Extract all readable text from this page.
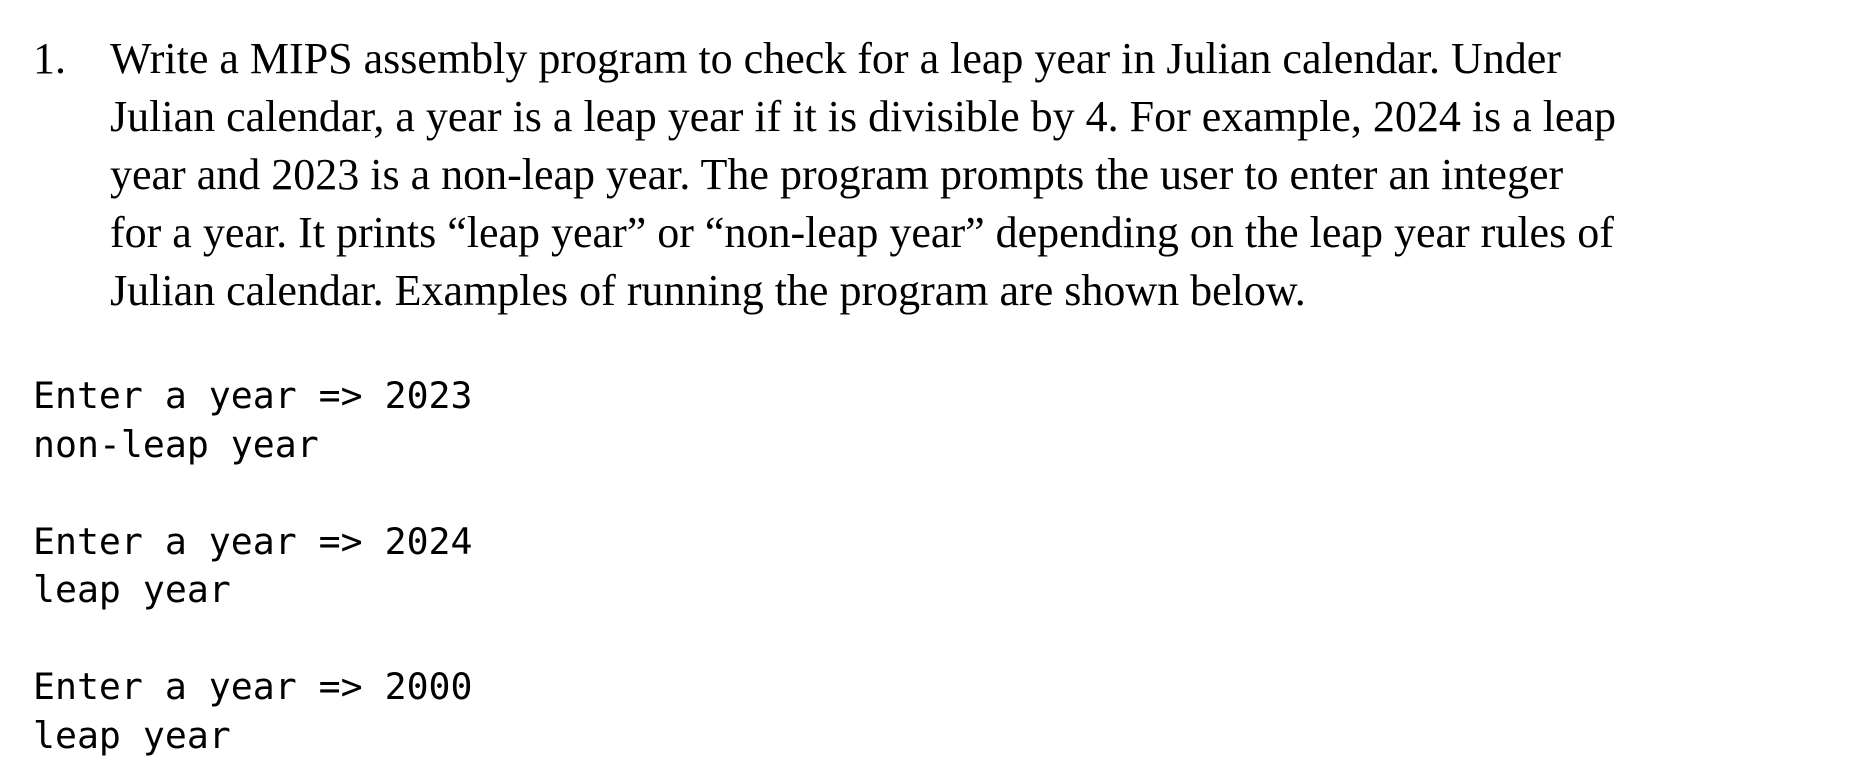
1.	Write a MIPS assembly program to check for a leap year in Julian calendar. Under
Julian calendar, a year is a leap year if it is divisible by 4. For example, 2024 is a leap
year and 2023 is a non-leap year. The program prompts the user to enter an integer
for a year. It prints “leap year” or “non-leap year” depending on the leap year rules of
Julian calendar. Examples of running the program are shown below.
Enter a year => 2023
non-leap year
Enter a year => 2024
leap year
Enter a year => 2000
leap year
